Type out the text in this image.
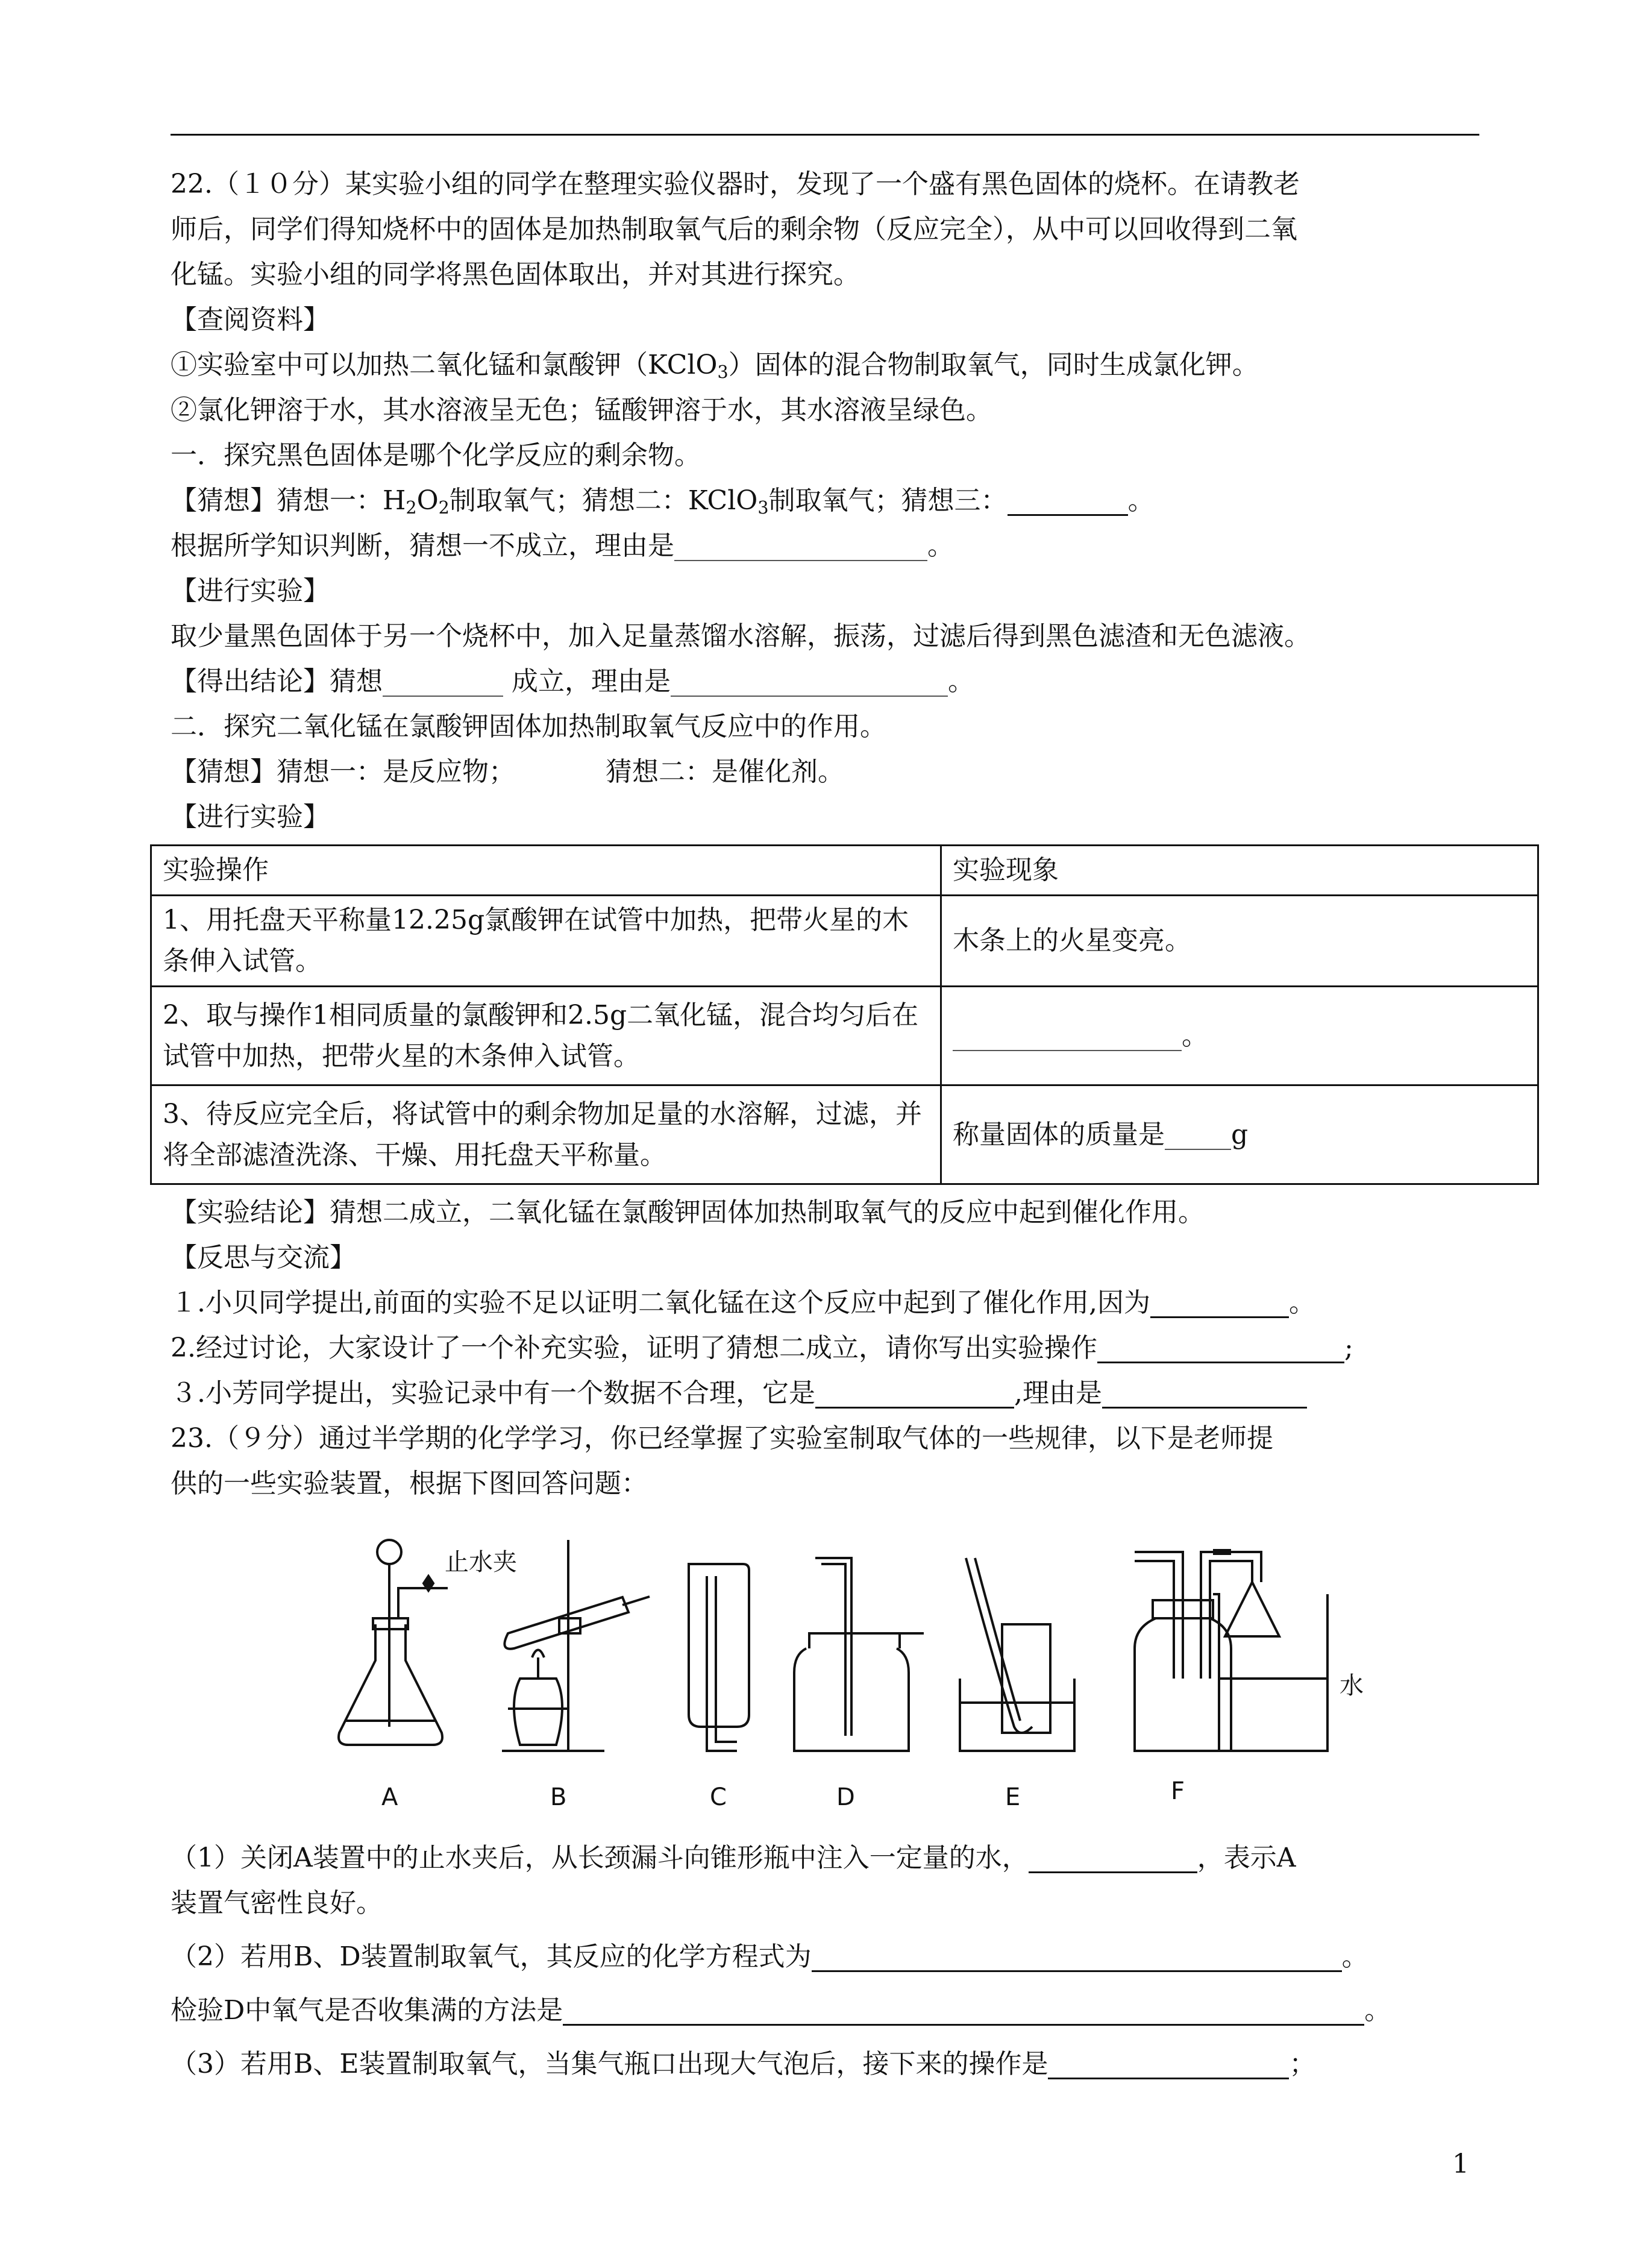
22.（１０分）某实验小组的同学在整理实验仪器时，发现了一个盛有黑色固体的烧杯。在请教老
师后，同学们得知烧杯中的固体是加热制取氧气后的剩余物（反应完全），从中可以回收得到二氧
化锰。实验小组的同学将黑色固体取出，并对其进行探究。
【查阅资料】
①实验室中可以加热二氧化锰和氯酸钾（KClO$_3$）固体的混合物制取氧气，同时生成氯化钾。
②氯化钾溶于水，其水溶液呈无色；锰酸钾溶于水，其水溶液呈绿色。
一．探究黑色固体是哪个化学反应的剩余物。
【猜想】猜想一：$H_2O_2$制取氧气；猜想二：KClO$_3$制取氧气；猜想三：	。
根据所学知识判断，猜想一不成立，理由是	。
【进行实验】
取少量黑色固体于另一个烧杯中，加入足量蒸馏水溶解，振荡，过滤后得到黑色滤渣和无色滤液。
【得出结论】猜想	成立，理由是	。
二．探究二氧化锰在氯酸钾固体加热制取氧气反应中的作用。
【猜想】猜想一：是反应物；	猜想二：是催化剂。
【进行实验】
实验操作	实验现象
1、用托盘天平称量12.25g氯酸钾在试管中加热，把带火星的木条伸入试管。	木条上的火星变亮。
2、取与操作1相同质量的氯酸钾和2.5g二氧化锰，混合均匀后在试管中加热，把带火星的木条伸入试管。	。
3、待反应完全后，将试管中的剩余物加足量的水溶解，过滤，并将全部滤渣洗涤、干燥、用托盘天平称量。	称量固体的质量是 g
【实验结论】猜想二成立，二氧化锰在氯酸钾固体加热制取氧气的反应中起到催化作用。
【反思与交流】
１.小贝同学提出,前面的实验不足以证明二氧化锰在这个反应中起到了催化作用,因为	。
2.经过讨论，大家设计了一个补充实验，证明了猜想二成立，请你写出实验操作	;
３.小芳同学提出，实验记录中有一个数据不合理，它是	,理由是
23.（９分）通过半学期的化学学习，你已经掌握了实验室制取气体的一些规律，以下是老师提
供的一些实验装置，根据下图回答问题：
止水夹
水
A	B	C	D	E	F
（1）关闭A装置中的止水夹后，从长颈漏斗向锥形瓶中注入一定量的水，	，表示A
装置气密性良好。
（2）若用B、D装置制取氧气，其反应的化学方程式为	。
检验D中氧气是否收集满的方法是	。
（3）若用B、E装置制取氧气，当集气瓶口出现大气泡后，接下来的操作是	；
1
